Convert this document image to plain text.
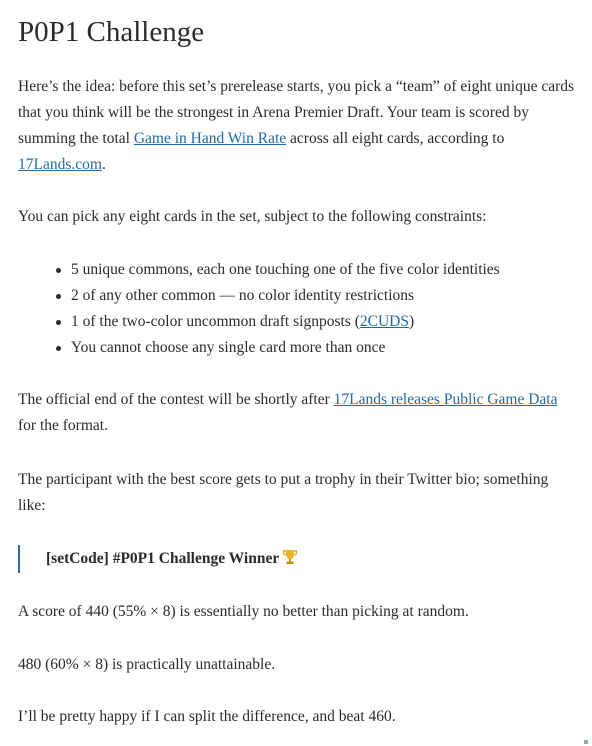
P0P1 Challenge

Here’s the idea: before this set’s prerelease starts, you pick a “team” of eight unique cards that you think will be the strongest in Arena Premier Draft. Your team is scored by summing the total Game in Hand Win Rate across all eight cards, according to 17Lands.com.

You can pick any eight cards in the set, subject to the following constraints:

5 unique commons, each one touching one of the five color identities
2 of any other common — no color identity restrictions
1 of the two-color uncommon draft signposts (2CUDS)
You cannot choose any single card more than once

The official end of the contest will be shortly after 17Lands releases Public Game Data for the format.

The participant with the best score gets to put a trophy in their Twitter bio; something like:

[setCode] #P0P1 Challenge Winner

A score of 440 (55% × 8) is essentially no better than picking at random.

480 (60% × 8) is practically unattainable.

I’ll be pretty happy if I can split the difference, and beat 460.
